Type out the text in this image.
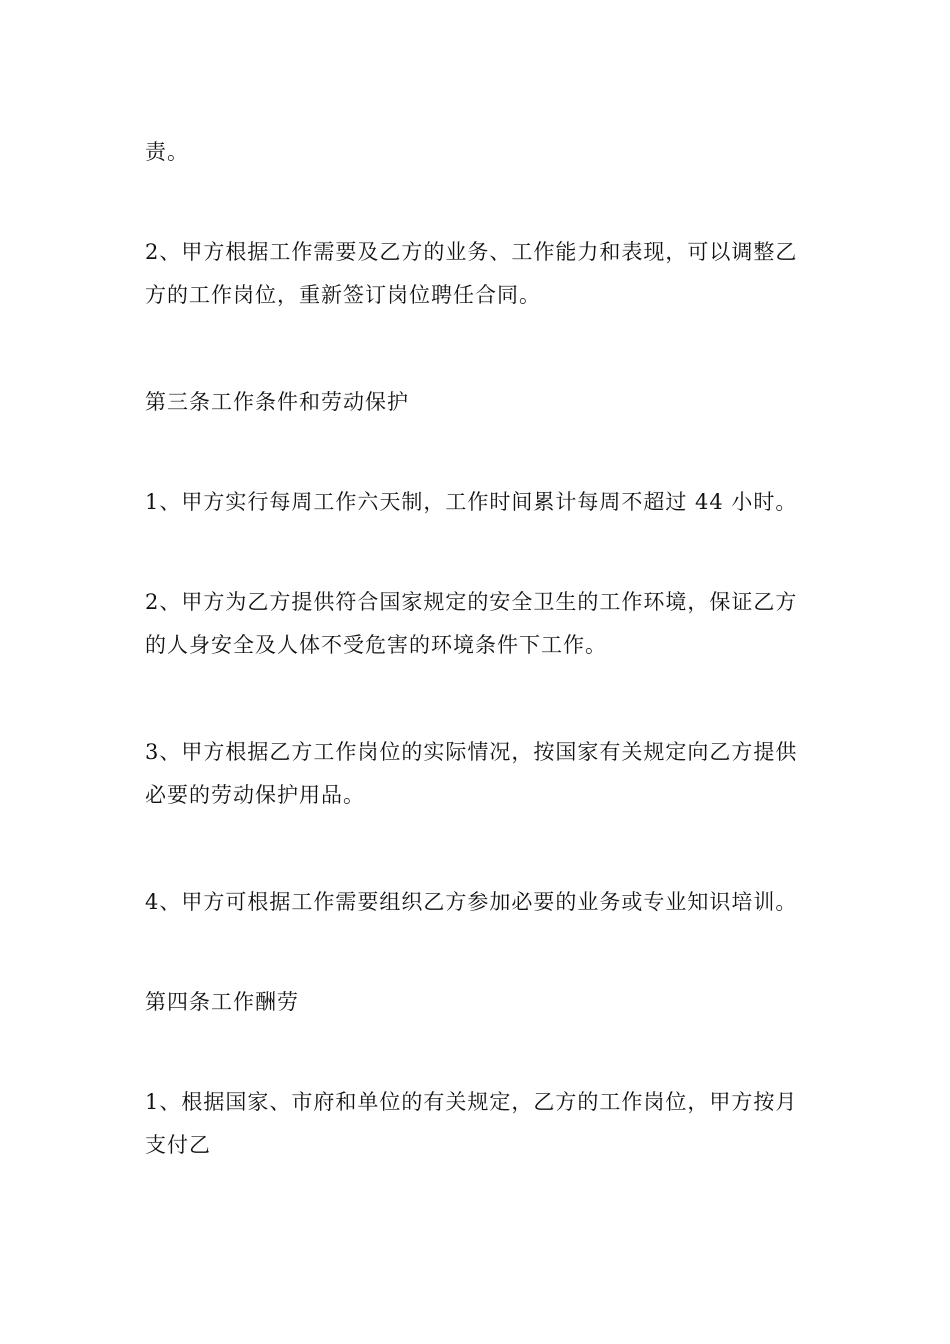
责。
2、甲方根据工作需要及乙方的业务、工作能力和表现，可以调整乙
方的工作岗位，重新签订岗位聘任合同。
第三条工作条件和劳动保护
1、甲方实行每周工作六天制，工作时间累计每周不超过 44 小时。
2、甲方为乙方提供符合国家规定的安全卫生的工作环境，保证乙方
的人身安全及人体不受危害的环境条件下工作。
3、甲方根据乙方工作岗位的实际情况，按国家有关规定向乙方提供
必要的劳动保护用品。
4、甲方可根据工作需要组织乙方参加必要的业务或专业知识培训。
第四条工作酬劳
1、根据国家、市府和单位的有关规定，乙方的工作岗位，甲方按月
支付乙
